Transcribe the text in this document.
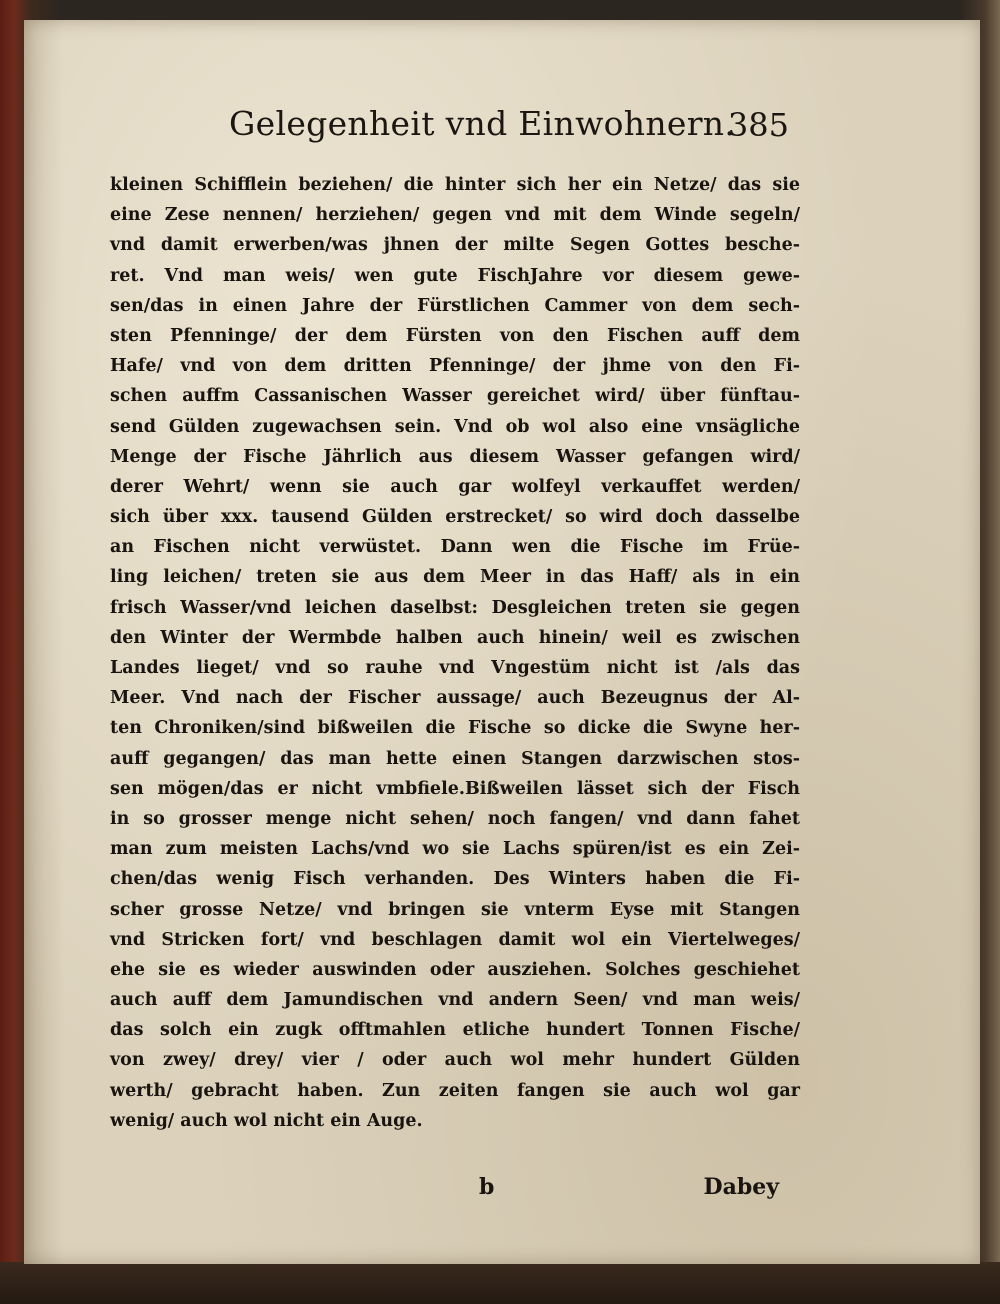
Gelegenheit vnd Einwohnern.
385
kleinen Schifflein beziehen/ die hinter sich her ein Netze/ das sie
eine Zese nennen/ herziehen/ gegen vnd mit dem Winde segeln/
vnd damit erwerben/was jhnen der milte Segen Gottes besche-
ret. Vnd man weis/ wen gute FischJahre vor diesem gewe-
sen/das in einen Jahre der Fürstlichen Cammer von dem sech-
sten Pfenninge/ der dem Fürsten von den Fischen auff dem
Hafe/ vnd von dem dritten Pfenninge/ der jhme von den Fi-
schen auffm Cassanischen Wasser gereichet wird/ über fünftau-
send Gülden zugewachsen sein. Vnd ob wol also eine vnsägliche
Menge der Fische Jährlich aus diesem Wasser gefangen wird/
derer Wehrt/ wenn sie auch gar wolfeyl verkauffet werden/
sich über xxx. tausend Gülden erstrecket/ so wird doch dasselbe
an Fischen nicht verwüstet. Dann wen die Fische im Früe-
ling leichen/ treten sie aus dem Meer in das Haff/ als in ein
frisch Wasser/vnd leichen daselbst: Desgleichen treten sie gegen
den Winter der Wermbde halben auch hinein/ weil es zwischen
Landes lieget/ vnd so rauhe vnd Vngestüm nicht ist /als das
Meer. Vnd nach der Fischer aussage/ auch Bezeugnus der Al-
ten Chroniken/sind bißweilen die Fische so dicke die Swyne her-
auff gegangen/ das man hette einen Stangen darzwischen stos-
sen mögen/das er nicht vmbfiele.Bißweilen lässet sich der Fisch
in so grosser menge nicht sehen/ noch fangen/ vnd dann fahet
man zum meisten Lachs/vnd wo sie Lachs spüren/ist es ein Zei-
chen/das wenig Fisch verhanden. Des Winters haben die Fi-
scher grosse Netze/ vnd bringen sie vnterm Eyse mit Stangen
vnd Stricken fort/ vnd beschlagen damit wol ein Viertelweges/
ehe sie es wieder auswinden oder ausziehen. Solches geschiehet
auch auff dem Jamundischen vnd andern Seen/ vnd man weis/
das solch ein zugk offtmahlen etliche hundert Tonnen Fische/
von zwey/ drey/ vier / oder auch wol mehr hundert Gülden
werth/ gebracht haben. Zun zeiten fangen sie auch wol gar
wenig/ auch wol nicht ein Auge.
b	Dabey
